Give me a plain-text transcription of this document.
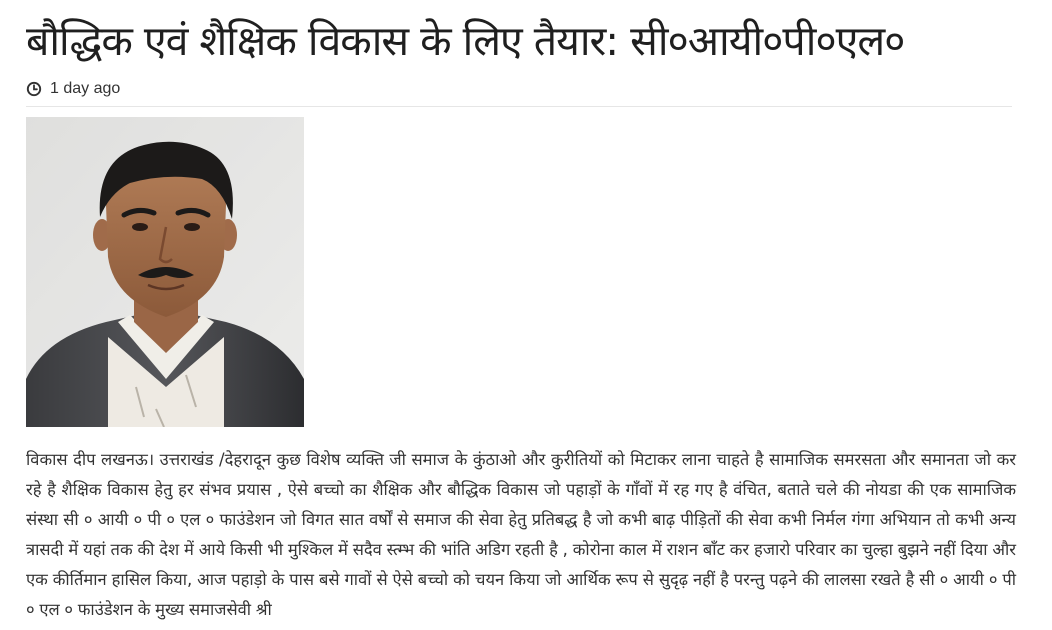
बौद्धिक एवं शैक्षिक विकास के लिए तैयार: सी०आयी०पी०एल०
1 day ago

विकास दीप लखनऊ। उत्तराखंड /देहरादून कुछ विशेष व्यक्ति जी समाज के कुंठाओ और कुरीतियों को मिटाकर लाना चाहते है सामाजिक समरसता और समानता जो कर रहे है शैक्षिक विकास हेतु हर संभव प्रयास , ऐसे बच्चो का शैक्षिक और बौद्धिक विकास जो पहाड़ों के गाँवों में रह गए है वंचित, बताते चले की नोयडा की एक सामाजिक संस्था सी ० आयी ० पी ० एल ० फाउंडेशन जो विगत सात वर्षों से समाज की सेवा हेतु प्रतिबद्ध है जो कभी बाढ़ पीड़ितों की सेवा कभी निर्मल गंगा अभियान तो कभी अन्य त्रासदी में यहां तक की देश में आये किसी भी मुश्किल में सदैव स्त्म्भ की भांति अडिग रहती है , कोरोना काल में राशन बाँट कर हजारो परिवार का चुल्हा बुझने नहीं दिया और एक कीर्तिमान हासिल किया, आज पहाड़ो के पास बसे गावों से ऐसे बच्चो को चयन किया जो आर्थिक रूप से सुदृढ़ नहीं है परन्तु पढ़ने की लालसा रखते है सी ० आयी ० पी ० एल ० फाउंडेशन के मुख्य समाजसेवी श्री
